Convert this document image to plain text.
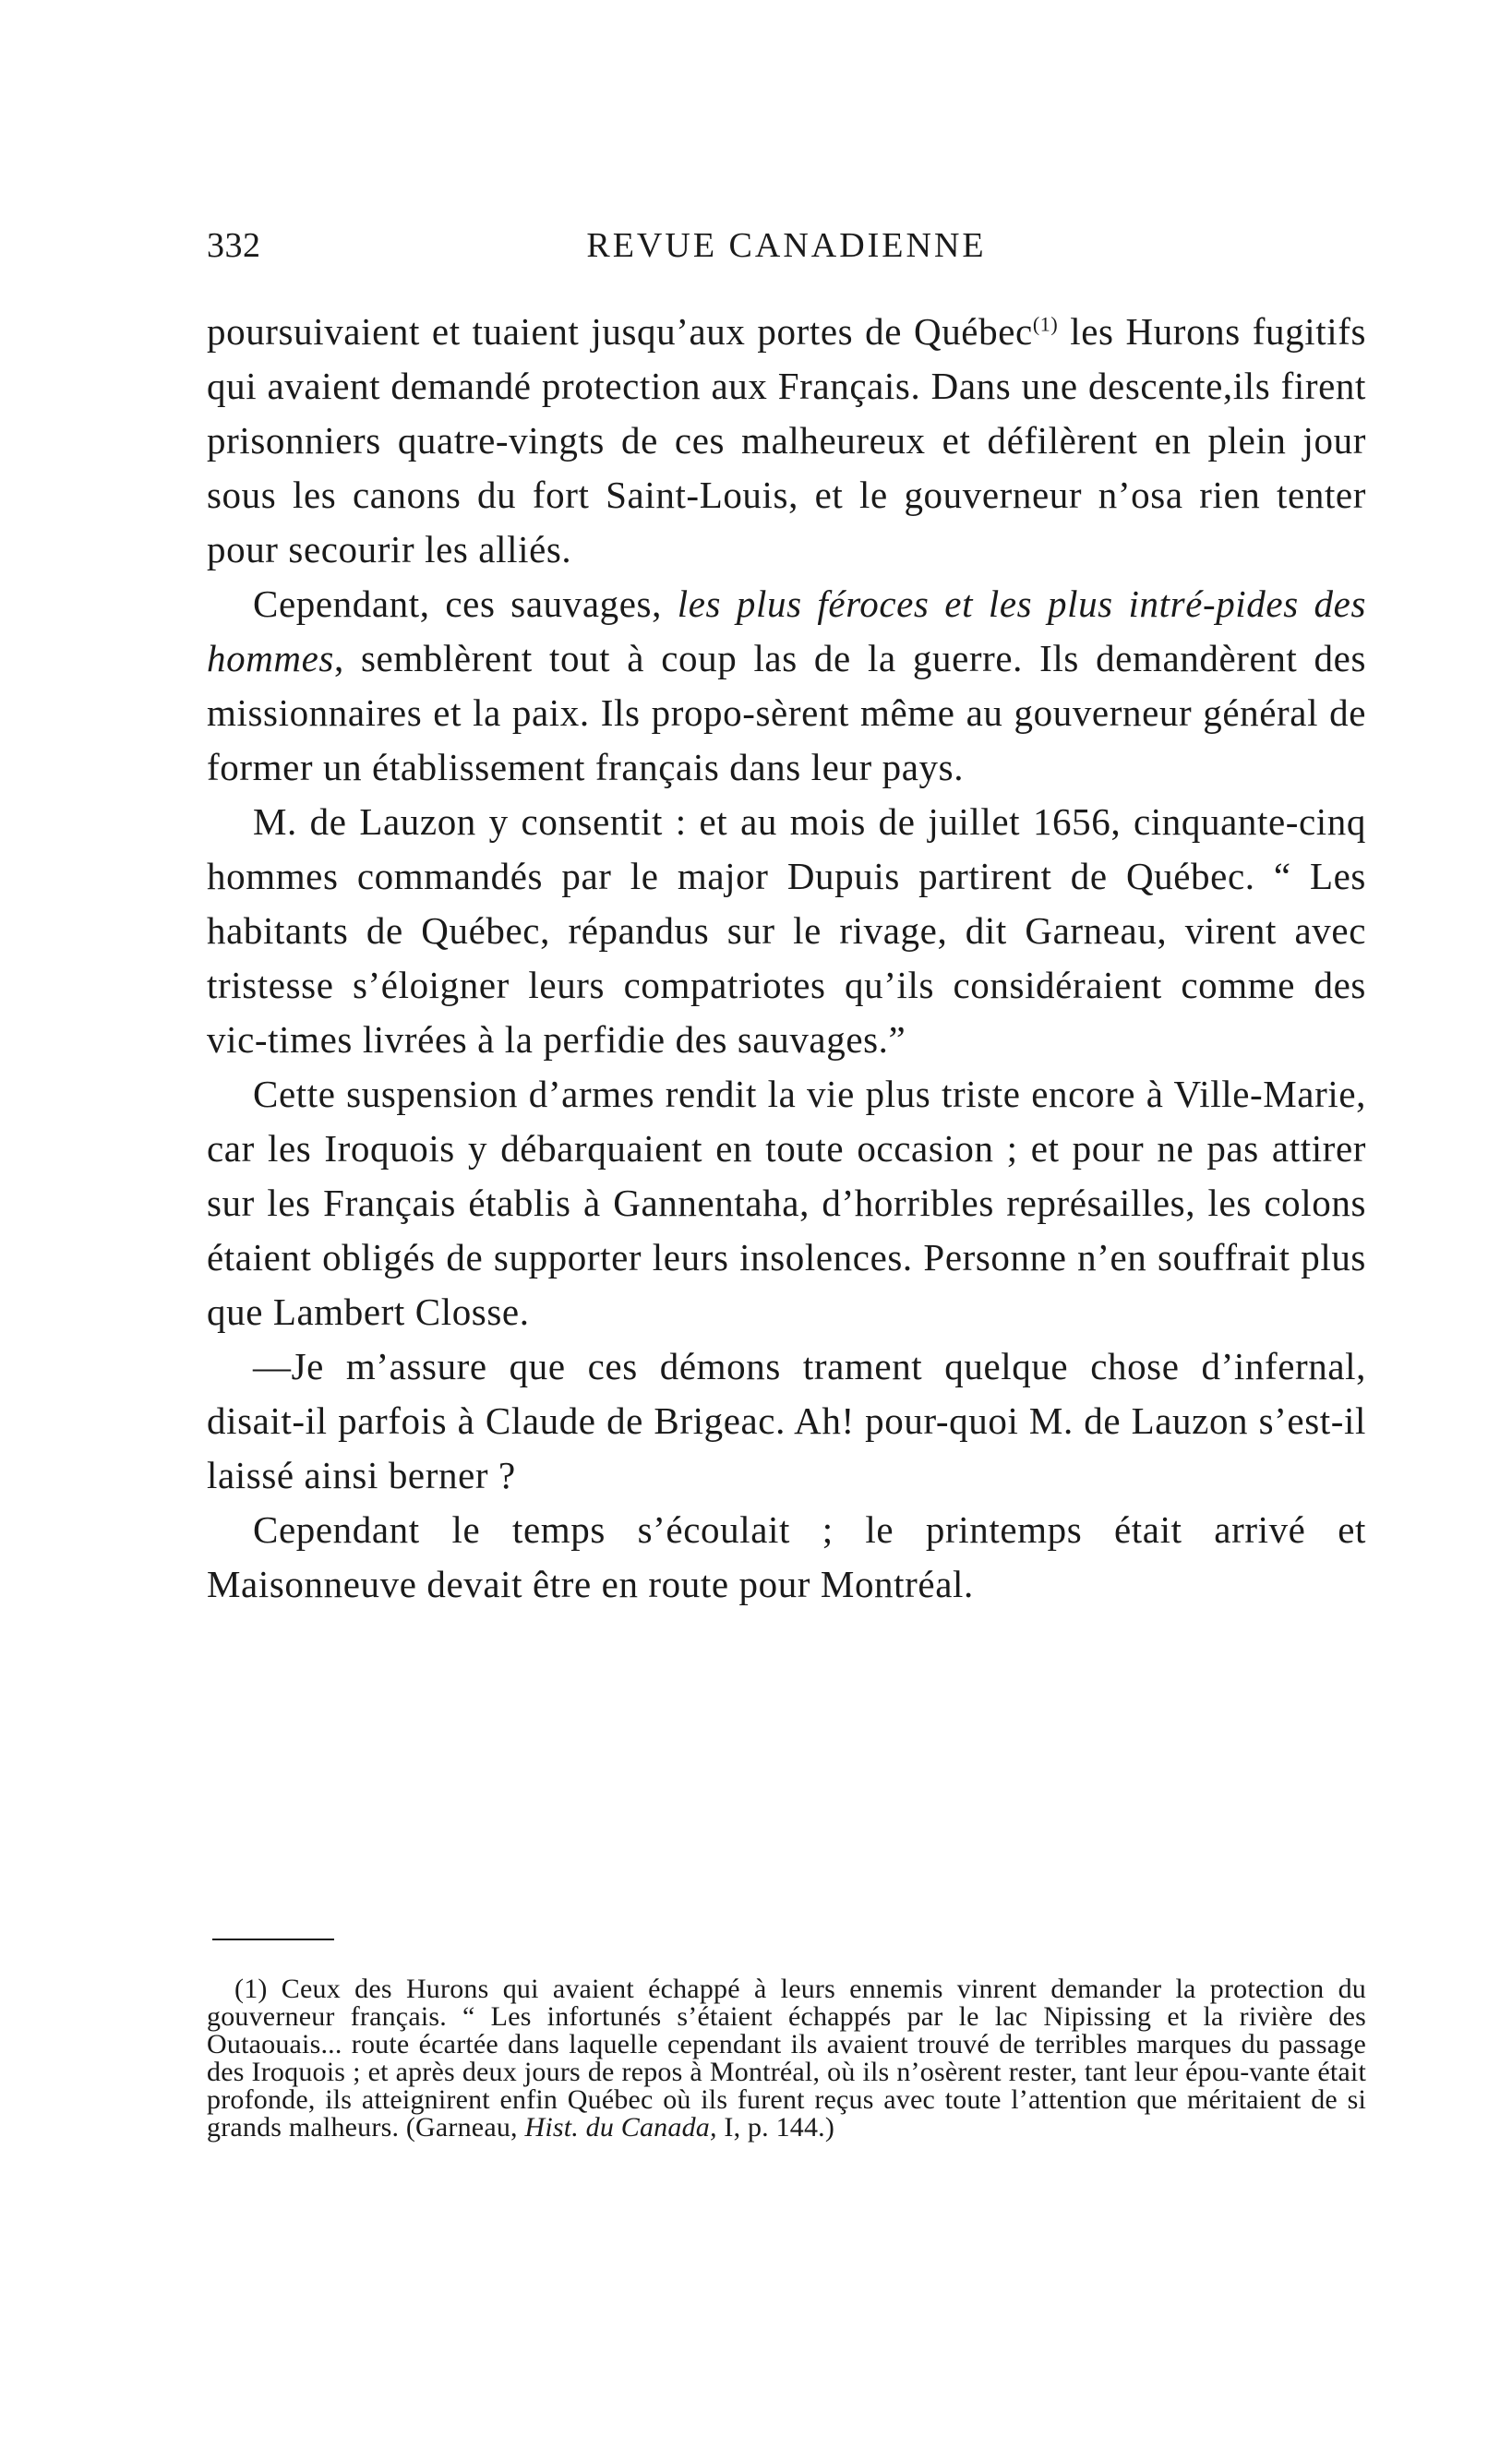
332	REVUE CANADIENNE

poursuivaient et tuaient jusqu’aux portes de Québec$^{(1)}$ les Hurons fugitifs qui avaient demandé protection aux Français. Dans une descente,ils firent prisonniers quatre-vingts de ces malheureux et défilèrent en plein jour sous les canons du fort Saint-Louis, et le gouverneur n’osa rien tenter pour secourir les alliés.

Cependant, ces sauvages, les plus féroces et les plus intré-pides des hommes, semblèrent tout à coup las de la guerre. Ils demandèrent des missionnaires et la paix. Ils propo-sèrent même au gouverneur général de former un établissement français dans leur pays.

M. de Lauzon y consentit : et au mois de juillet 1656, cinquante-cinq hommes commandés par le major Dupuis partirent de Québec. “ Les habitants de Québec, répandus sur le rivage, dit Garneau, virent avec tristesse s’éloigner leurs compatriotes qu’ils considéraient comme des vic-times livrées à la perfidie des sauvages.”

Cette suspension d’armes rendit la vie plus triste encore à Ville-Marie, car les Iroquois y débarquaient en toute occasion ; et pour ne pas attirer sur les Français établis à Gannentaha, d’horribles représailles, les colons étaient obligés de supporter leurs insolences. Personne n’en souffrait plus que Lambert Closse.

—Je m’assure que ces démons trament quelque chose d’infernal, disait-il parfois à Claude de Brigeac. Ah! pour-quoi M. de Lauzon s’est-il laissé ainsi berner ?

Cependant le temps s’écoulait ; le printemps était arrivé et Maisonneuve devait être en route pour Montréal.

(1) Ceux des Hurons qui avaient échappé à leurs ennemis vinrent demander la protection du gouverneur français. “ Les infortunés s’étaient échappés par le lac Nipissing et la rivière des Outaouais... route écartée dans laquelle cependant ils avaient trouvé de terribles marques du passage des Iroquois ; et après deux jours de repos à Montréal, où ils n’osèrent rester, tant leur épou-vante était profonde, ils atteignirent enfin Québec où ils furent reçus avec toute l’attention que méritaient de si grands malheurs. (Garneau, Hist. du Canada, I, p. 144.)
